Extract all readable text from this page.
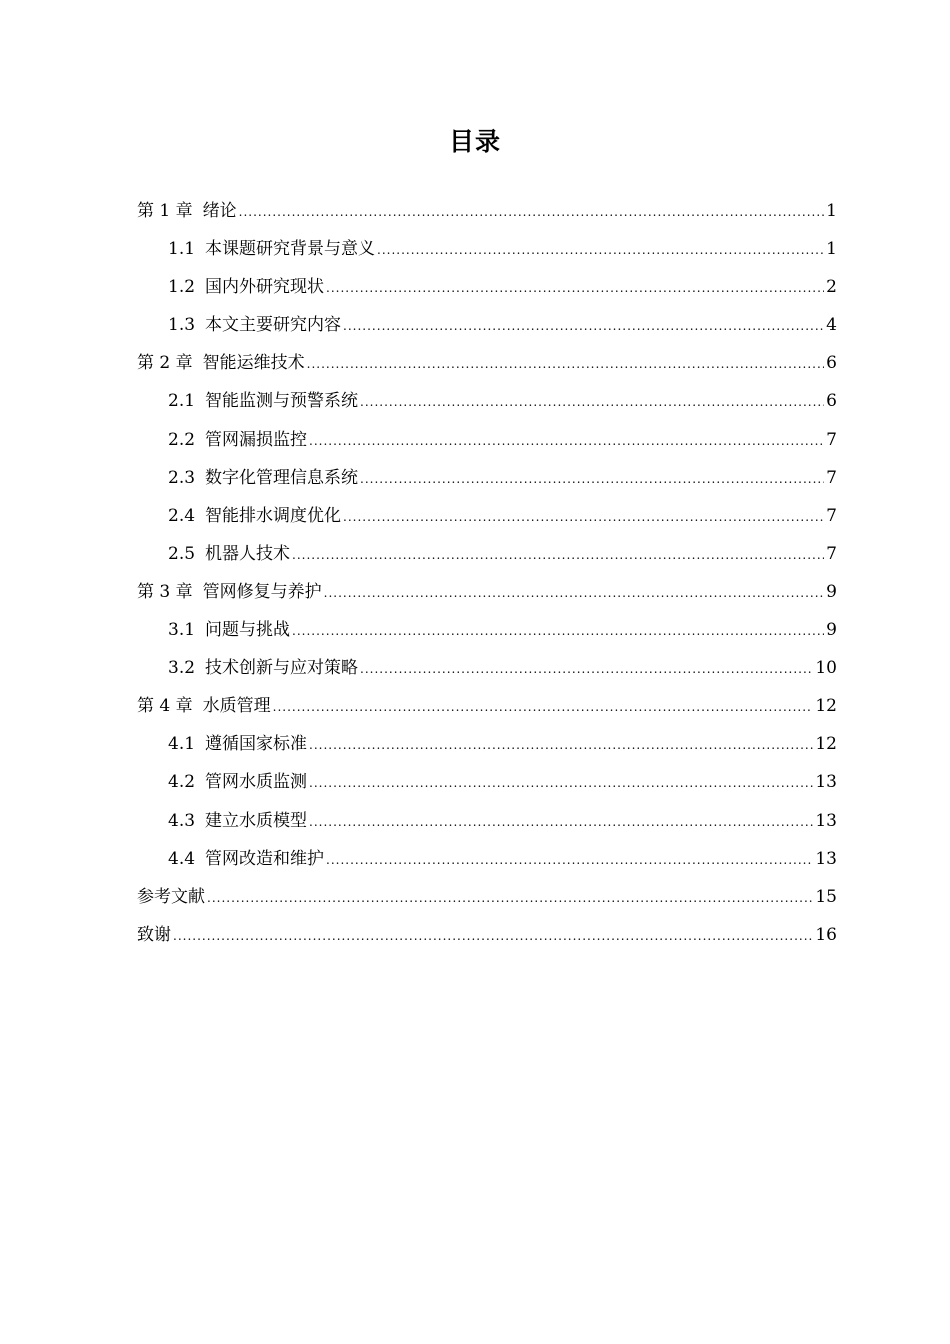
目录
第 1 章 绪论 .....	1
1.1 本课题研究背景与意义 .....	1
1.2 国内外研究现状 .....	2
1.3 本文主要研究内容 .....	4
第 2 章 智能运维技术 .....	6
2.1 智能监测与预警系统 .....	6
2.2 管网漏损监控 .....	7
2.3 数字化管理信息系统 .....	7
2.4 智能排水调度优化 .....	7
2.5 机器人技术 .....	7
第 3 章 管网修复与养护 .....	9
3.1 问题与挑战 .....	9
3.2 技术创新与应对策略 .....	10
第 4 章 水质管理 .....	12
4.1 遵循国家标准 .....	12
4.2 管网水质监测 .....	13
4.3 建立水质模型 .....	13
4.4 管网改造和维护 .....	13
参考文献 .....	15
致谢 .....	16
